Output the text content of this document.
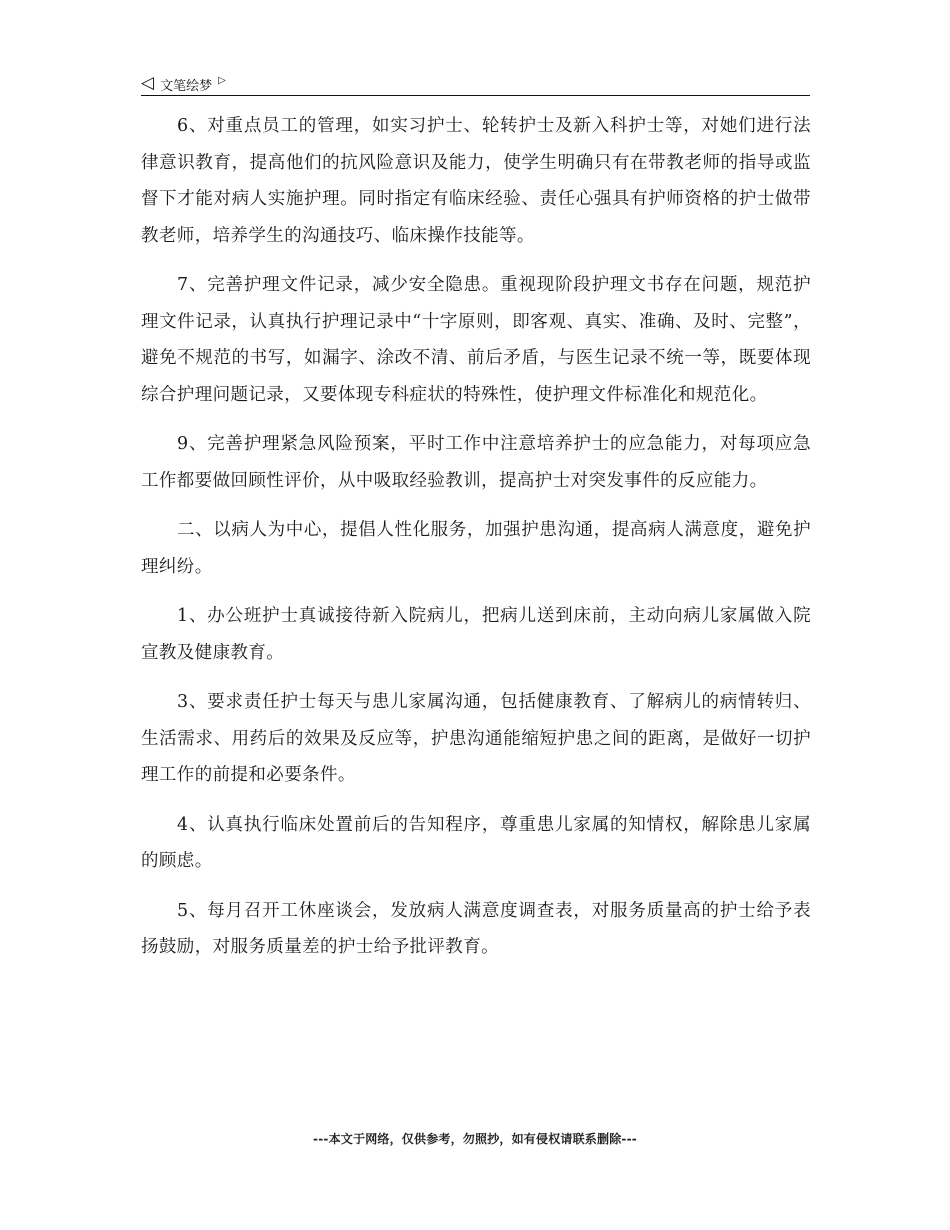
◁ 文笔绘梦 ▷

6、对重点员工的管理，如实习护士、轮转护士及新入科护士等，对她们进行法律意识教育，提高他们的抗风险意识及能力，使学生明确只有在带教老师的指导或监督下才能对病人实施护理。同时指定有临床经验、责任心强具有护师资格的护士做带教老师，培养学生的沟通技巧、临床操作技能等。

7、完善护理文件记录，减少安全隐患。重视现阶段护理文书存在问题，规范护理文件记录，认真执行护理记录中“十字原则，即客观、真实、准确、及时、完整”，避免不规范的书写，如漏字、涂改不清、前后矛盾，与医生记录不统一等，既要体现综合护理问题记录，又要体现专科症状的特殊性，使护理文件标准化和规范化。

9、完善护理紧急风险预案，平时工作中注意培养护士的应急能力，对每项应急工作都要做回顾性评价，从中吸取经验教训，提高护士对突发事件的反应能力。

二、以病人为中心，提倡人性化服务，加强护患沟通，提高病人满意度，避免护理纠纷。

1、办公班护士真诚接待新入院病儿，把病儿送到床前，主动向病儿家属做入院宣教及健康教育。

3、要求责任护士每天与患儿家属沟通，包括健康教育、了解病儿的病情转归、生活需求、用药后的效果及反应等，护患沟通能缩短护患之间的距离，是做好一切护理工作的前提和必要条件。

4、认真执行临床处置前后的告知程序，尊重患儿家属的知情权，解除患儿家属的顾虑。

5、每月召开工休座谈会，发放病人满意度调查表，对服务质量高的护士给予表扬鼓励，对服务质量差的护士给予批评教育。

---本文于网络，仅供参考，勿照抄，如有侵权请联系删除---
